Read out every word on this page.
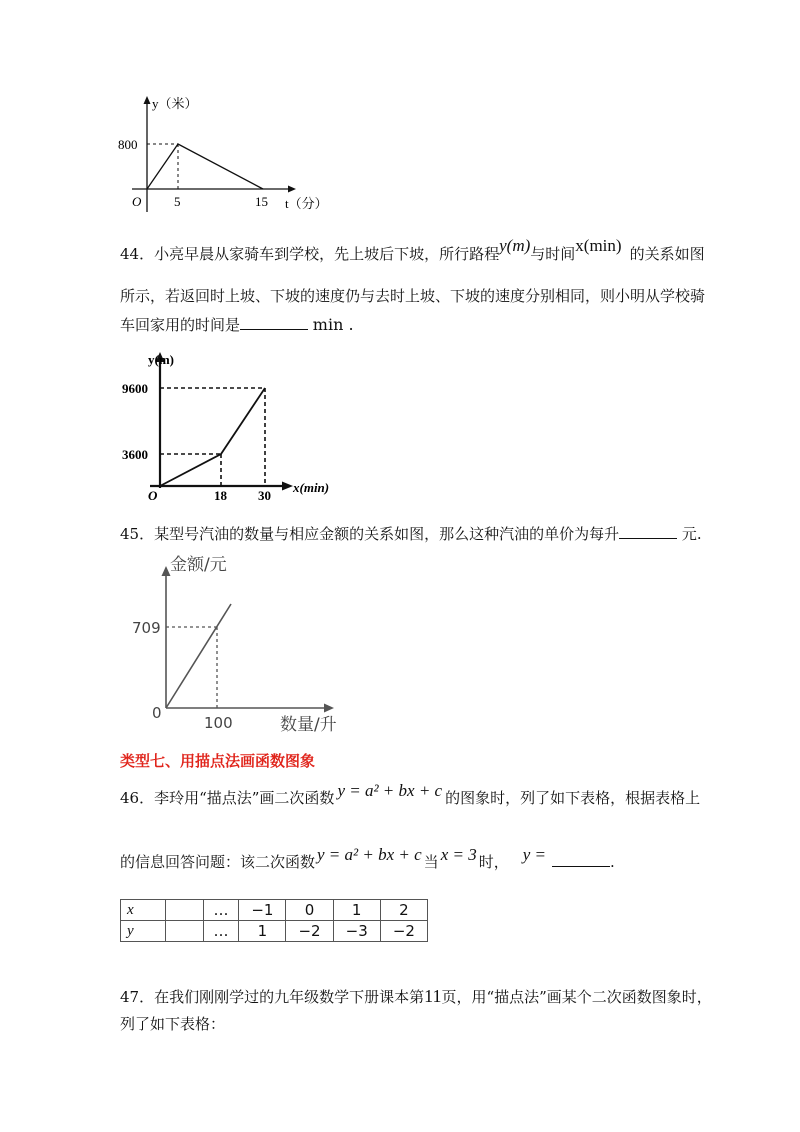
y（米）
800
O	5	15 t（分）
44．小亮早晨从家骑车到学校，先上坡后下坡，所行路程y(m)与时间x(min) 的关系如图
所示，若返回时上坡、下坡的速度仍与去时上坡、下坡的速度分别相同，则小明从学校骑
车回家用的时间是	min .
y(m)
9600
3600
O	18 30
x(min)
45．某型号汽油的数量与相应金额的关系如图，那么这种汽油的单价为每升	元.
金额/元
709
0
100	数量/升
类型七、用描点法画函数图象
46．李玲用“描点法”画二次函数 y = a² + bx + c 的图象时，列了如下表格，根据表格上
的信息回答问题：该二次函数 y = a² + bx + c 当 x = 3 时， y =	.
x		…	−1	0	1	2
y		…	1	−2	−3	−2
47．在我们刚刚学过的九年级数学下册课本第11页，用“描点法”画某个二次函数图象时，
列了如下表格：
